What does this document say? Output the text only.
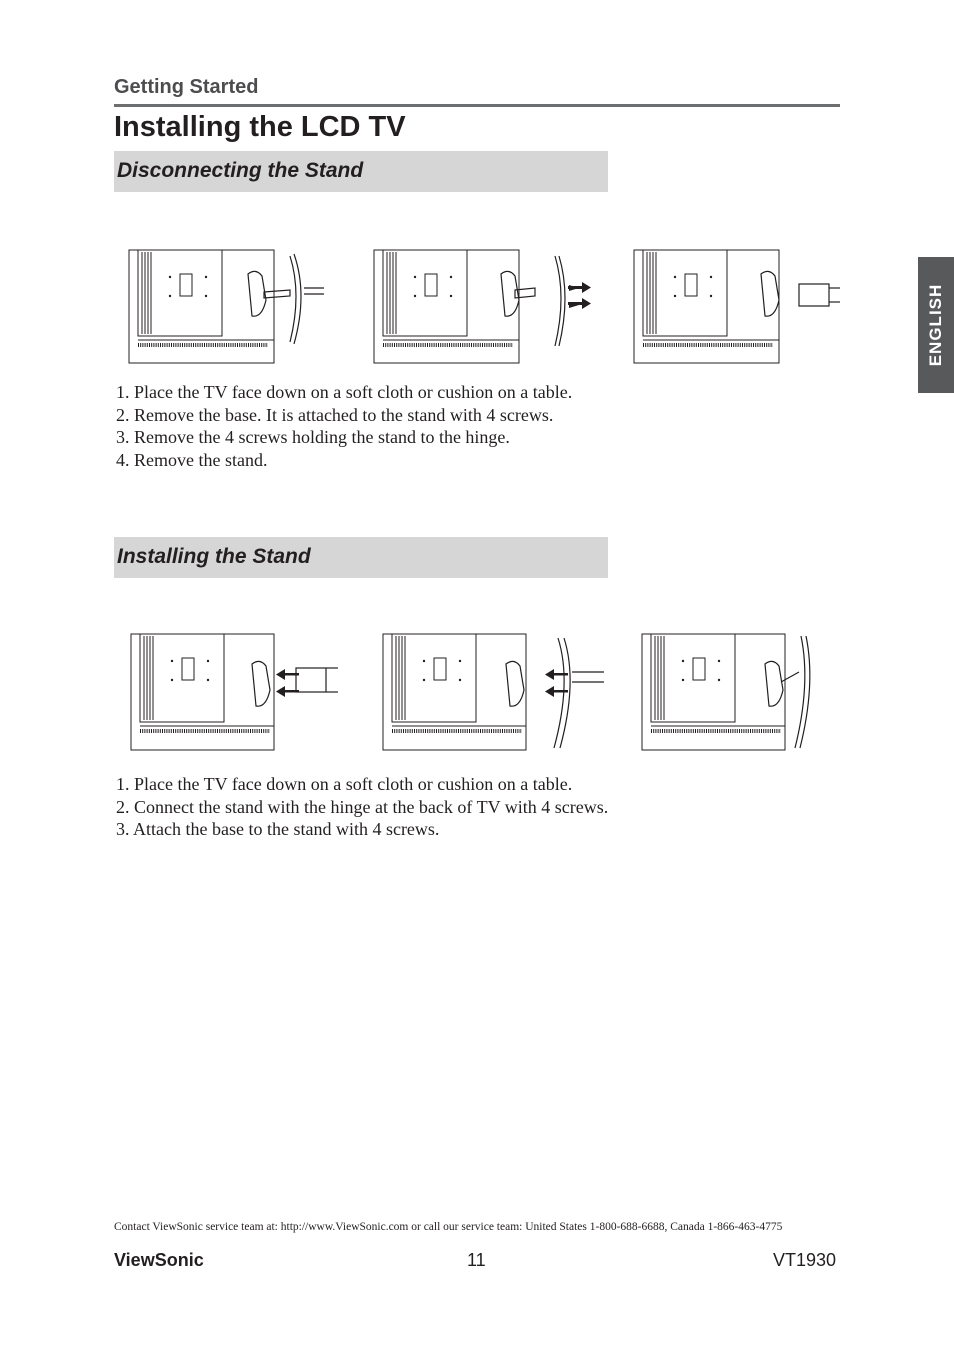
Getting Started
Installing the LCD TV
ENGLISH
Disconnecting the Stand
1. Place the TV face down on a soft cloth or cushion on a table.
2. Remove the base. It is attached to the stand with 4 screws.
3. Remove the 4 screws holding the stand to the hinge.
4. Remove the stand.
Installing the Stand
1. Place the TV face down on a soft cloth or cushion on a table.
2. Connect the stand with the hinge at the back of TV with 4 screws.
3. Attach the base to the stand with 4 screws.
Contact ViewSonic service team at: http://www.ViewSonic.com or call our service team: United States 1-800-688-6688, Canada 1-866-463-4775
ViewSonic	11	VT1930
